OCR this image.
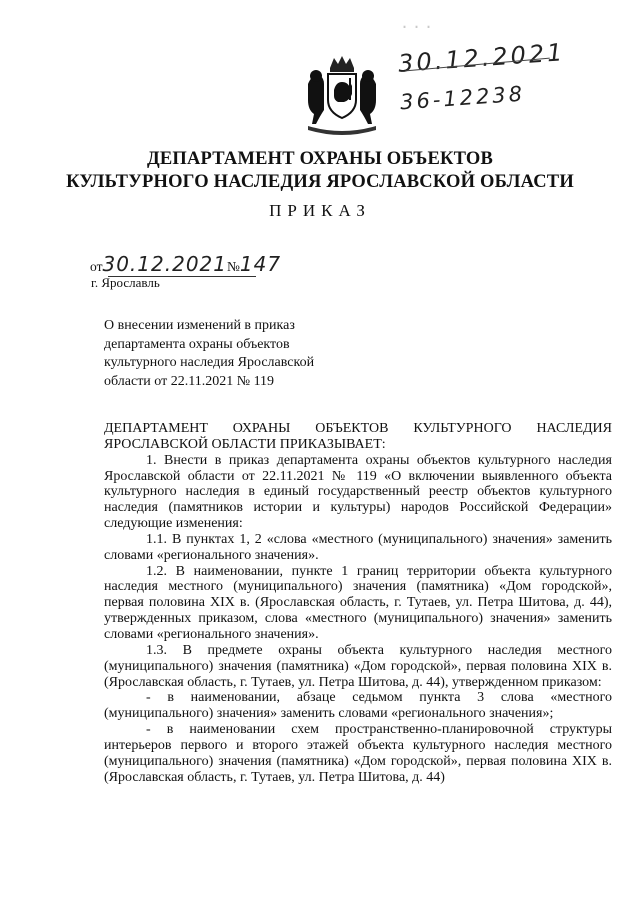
...
30.12.2021
36-12238
ДЕПАРТАМЕНТ ОХРАНЫ ОБЪЕКТОВ
КУЛЬТУРНОГО НАСЛЕДИЯ ЯРОСЛАВСКОЙ ОБЛАСТИ
ПРИКАЗ
от30.12.2021№147
г. Ярославль
О внесении изменений в приказ
департамента охраны объектов
культурного наследия Ярославской
области от 22.11.2021 № 119

ДЕПАРТАМЕНТ ОХРАНЫ ОБЪЕКТОВ КУЛЬТУРНОГО НАСЛЕДИЯ ЯРОСЛАВСКОЙ ОБЛАСТИ ПРИКАЗЫВАЕТ:

1. Внести в приказ департамента охраны объектов культурного наследия Ярославской области от 22.11.2021 № 119 «О включении выявленного объекта культурного наследия в единый государственный реестр объектов культурного наследия (памятников истории и культуры) народов Российской Федерации» следующие изменения:

1.1. В пунктах 1, 2 «слова «местного (муниципального) значения» заменить словами «регионального значения».

1.2. В наименовании, пункте 1 границ территории объекта культурного наследия местного (муниципального) значения (памятника) «Дом городской», первая половина XIX в. (Ярославская область, г. Тутаев, ул. Петра Шитова, д. 44), утвержденных приказом, слова «местного (муниципального) значения» заменить словами «регионального значения».

1.3. В предмете охраны объекта культурного наследия местного (муниципального) значения (памятника) «Дом городской», первая половина XIX в. (Ярославская область, г. Тутаев, ул. Петра Шитова, д. 44), утвержденном приказом:

- в наименовании, абзаце седьмом пункта 3 слова «местного (муниципального) значения» заменить словами «регионального значения»;

- в наименовании схем пространственно-планировочной структуры интерьеров первого и второго этажей объекта культурного наследия местного (муниципального) значения (памятника) «Дом городской», первая половина XIX в. (Ярославская область, г. Тутаев, ул. Петра Шитова, д. 44)
